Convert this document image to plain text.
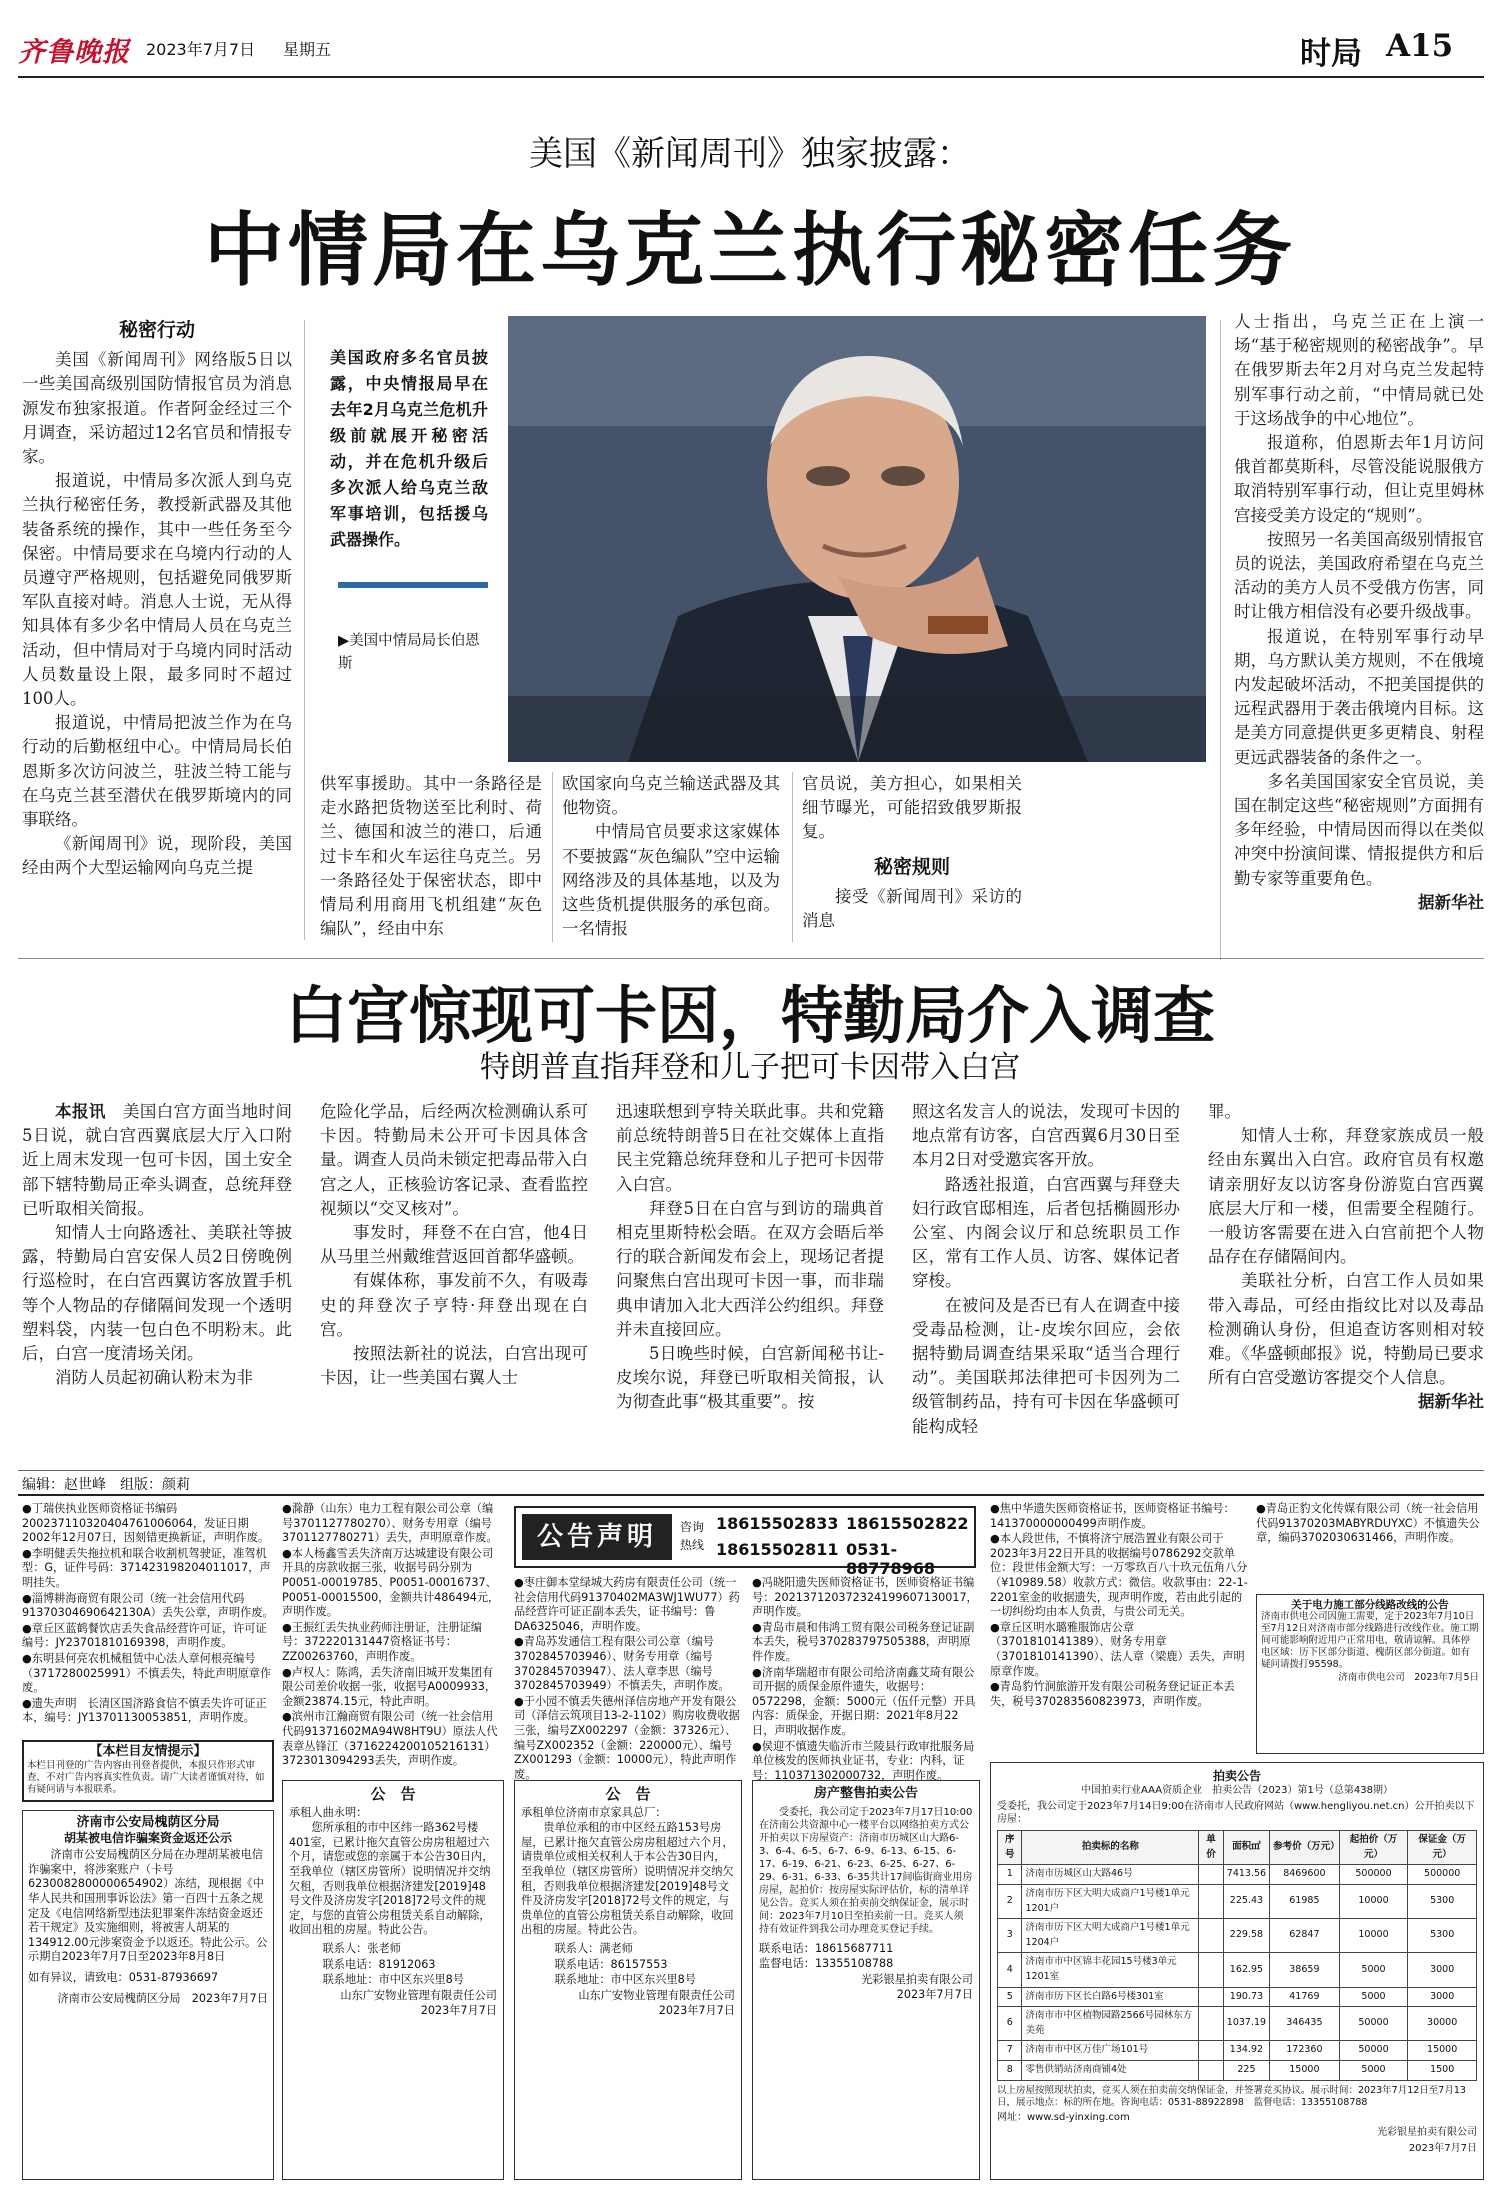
齐鲁晚报 2023年7月7日 星期五	时局 A15
美国《新闻周刊》独家披露：
中情局在乌克兰执行秘密任务
秘密行动

美国《新闻周刊》网络版5日以一些美国高级别国防情报官员为消息源发布独家报道。作者阿金经过三个月调查，采访超过12名官员和情报专家。

报道说，中情局多次派人到乌克兰执行秘密任务，教授新武器及其他装备系统的操作，其中一些任务至今保密。中情局要求在乌境内行动的人员遵守严格规则，包括避免同俄罗斯军队直接对峙。消息人士说，无从得知具体有多少名中情局人员在乌克兰活动，但中情局对于乌境内同时活动人员数量设上限，最多同时不超过100人。

报道说，中情局把波兰作为在乌行动的后勤枢纽中心。中情局局长伯恩斯多次访问波兰，驻波兰特工能与在乌克兰甚至潜伏在俄罗斯境内的同事联络。

《新闻周刊》说，现阶段，美国经由两个大型运输网向乌克兰提

美国政府多名官员披露，中央情报局早在去年2月乌克兰危机升级前就展开秘密活动，并在危机升级后多次派人给乌克兰敌军事培训，包括援乌武器操作。
▶美国中情局局长伯恩斯

人士指出，乌克兰正在上演一场“基于秘密规则的秘密战争”。早在俄罗斯去年2月对乌克兰发起特别军事行动之前，“中情局就已处于这场战争的中心地位”。

报道称，伯恩斯去年1月访问俄首都莫斯科，尽管没能说服俄方取消特别军事行动，但让克里姆林宫接受美方设定的“规则”。

按照另一名美国高级别情报官员的说法，美国政府希望在乌克兰活动的美方人员不受俄方伤害，同时让俄方相信没有必要升级战事。

报道说，在特别军事行动早期，乌方默认美方规则，不在俄境内发起破坏活动，不把美国提供的远程武器用于袭击俄境内目标。这是美方同意提供更多更精良、射程更远武器装备的条件之一。

多名美国国家安全官员说，美国在制定这些“秘密规则”方面拥有多年经验，中情局因而得以在类似冲突中扮演间谍、情报提供方和后勤专家等重要角色。

据新华社

供军事援助。其中一条路径是走水路把货物送至比利时、荷兰、德国和波兰的港口，后通过卡车和火车运往乌克兰。另一条路径处于保密状态，即中情局利用商用飞机组建“灰色编队”，经由中东

欧国家向乌克兰输送武器及其他物资。

中情局官员要求这家媒体不要披露“灰色编队”空中运输网络涉及的具体基地，以及为这些货机提供服务的承包商。一名情报

官员说，美方担心，如果相关细节曝光，可能招致俄罗斯报复。

秘密规则

接受《新闻周刊》采访的消息

白宫惊现可卡因，特勤局介入调查
特朗普直指拜登和儿子把可卡因带入白宫

本报讯　 美国白宫方面当地时间5日说，就白宫西翼底层大厅入口附近上周末发现一包可卡因，国土安全部下辖特勤局正牵头调查，总统拜登已听取相关简报。

知情人士向路透社、美联社等披露，特勤局白宫安保人员2日傍晚例行巡检时，在白宫西翼访客放置手机等个人物品的存储隔间发现一个透明塑料袋，内装一包白色不明粉末。此后，白宫一度清场关闭。

消防人员起初确认粉末为非

危险化学品，后经两次检测确认系可卡因。特勤局未公开可卡因具体含量。调查人员尚未锁定把毒品带入白宫之人，正核验访客记录、查看监控视频以“交叉核对”。

事发时，拜登不在白宫，他4日从马里兰州戴维营返回首都华盛顿。

有媒体称，事发前不久，有吸毒史的拜登次子亨特·拜登出现在白宫。

按照法新社的说法，白宫出现可卡因，让一些美国右翼人士

迅速联想到亨特关联此事。共和党籍前总统特朗普5日在社交媒体上直指民主党籍总统拜登和儿子把可卡因带入白宫。

拜登5日在白宫与到访的瑞典首相克里斯特松会晤。在双方会晤后举行的联合新闻发布会上，现场记者提问聚焦白宫出现可卡因一事，而非瑞典申请加入北大西洋公约组织。拜登并未直接回应。

5日晚些时候，白宫新闻秘书让-皮埃尔说，拜登已听取相关简报，认为彻查此事“极其重要”。按

照这名发言人的说法，发现可卡因的地点常有访客，白宫西翼6月30日至本月2日对受邀宾客开放。

路透社报道，白宫西翼与拜登夫妇行政官邸相连，后者包括椭圆形办公室、内阁会议厅和总统职员工作区，常有工作人员、访客、媒体记者穿梭。

在被问及是否已有人在调查中接受毒品检测，让-皮埃尔回应，会依据特勤局调查结果采取“适当合理行动”。美国联邦法律把可卡因列为二级管制药品，持有可卡因在华盛顿可能构成轻

罪。

知情人士称，拜登家族成员一般经由东翼出入白宫。政府官员有权邀请亲朋好友以访客身份游览白宫西翼底层大厅和一楼，但需要全程随行。一般访客需要在进入白宫前把个人物品存在存储隔间内。

美联社分析，白宫工作人员如果带入毒品，可经由指纹比对以及毒品检测确认身份，但追查访客则相对较难。《华盛顿邮报》说，特勤局已要求所有白宫受邀访客提交个人信息。

据新华社
编辑：赵世峰　组版：颜莉

●丁瑞侠执业医师资格证书编码200237110320404761006064，发证日期2002年12月07日，因刻错更换新证，声明作废。

●李明健丢失拖拉机和联合收割机驾驶证，准驾机型：G，证件号码：371423198204011017，声明挂失。

●淄博耕海商贸有限公司（统一社会信用代码91370304690642130A）丢失公章，声明作废。

●章丘区蓝鹤餐饮店丢失食品经营许可证，许可证编号：JY23701810169398，声明作废。

●东明县何亮农机械租赁中心法人章何根亮编号（3717280025991）不慎丢失，特此声明原章作废。

●遗失声明　长清区国济路食信不慎丢失许可证正本，编号：JY13701130053851，声明作废。

●滁静（山东）电力工程有限公司公章（编号3701127780270）、财务专用章（编号3701127780271）丢失，声明原章作废。

●本人杨鑫雪丢失济南万达城建设有限公司开具的房款收据三张，收据号码分别为P0051-00019785、P0051-00016737、P0051-00015500，金额共计486494元，声明作废。

●王振红丢失执业药师注册证，注册证编号：372220131447资格证书号：ZZ00263760，声明作废。

●卢权人：陈鸿，丢失济南旧城开发集团有限公司差价收据一张，收据号A0009933，金额23874.15元，特此声明。

●滨州市江瀚商贸有限公司（统一社会信用代码91371602MA94W8HT9U）原法人代表章丛锋江（3716224200105216131）3723013094293丢失，声明作废。

公告声明	咨询热线
18615502833 18615502822
18615502811 0531-88778968

●枣庄御本堂绿城大药房有限责任公司（统一社会信用代码91370402MA3WJ1WU77）药品经营许可证正副本丢失，证书编号：鲁DA6325046，声明作废。

●青岛苏发通信工程有限公司公章（编号3702845703946）、财务专用章（编号3702845703947）、法人章李思（编号3702845703949）不慎丢失，声明作废。

●于小园不慎丢失德州泽信房地产开发有限公司（泽信云筑项目13-2-1102）购房收费收据三张，编号ZX002297（金额：37326元）、编号ZX002352（金额：220000元）、编号ZX001293（金额：10000元），特此声明作废。

●冯晓阳遗失医师资格证书，医师资格证书编号：202137120372324199607130017，声明作废。

●青岛市晨和伟鸿工贸有限公司税务登记证副本丢失，税号370283797505388，声明原件作废。

●济南华瑞超市有限公司给济南鑫艾琦有限公司开据的质保金原件遗失，收据号：0572298，金额：5000元（伍仟元整）开具内容：质保金，开据日期：2021年8月22日，声明收据作废。

●侯迎不慎遗失临沂市兰陵县行政审批服务局单位核发的医师执业证书，专业：内科，证号：110371302000732，声明作废。

●焦中华遗失医师资格证书，医师资格证书编号：141370000000499声明作废。

●本人段世伟，不慎将济宁展浩置业有限公司于2023年3月22日开具的收据编号0786292交款单位：段世伟金额大写：一万零玖百八十玖元伍角八分（¥10989.58）收款方式：微信。收款事由：22-1-2201室金的收据遗失，现声明作废，若由此引起的一切纠纷均由本人负责，与贵公司无关。

●章丘区明水璐雅服饰店公章（3701810141389）、财务专用章（3701810141390）、法人章（梁鹿）丢失，声明原章作废。

●青岛豹竹涧旅游开发有限公司税务登记证正本丢失，税号370283560823973，声明作废。

●青岛正豹文化传媒有限公司（统一社会信用代码91370203MABYRDUYXC）不慎遗失公章，编码3702030631466，声明作废。

关于电力施工部分线路改线的公告

济南市供电公司因施工需要，定于2023年7月10日至7月12日对济南市部分线路进行改线作业。施工期间可能影响附近用户正常用电，敬请谅解。具体停电区域：历下区部分街道、槐荫区部分街道。如有疑问请拨打95598。

济南市供电公司　2023年7月5日

【本栏目友情提示】

本栏目刊登的广告内容由刊登者提供，本报只作形式审查，不对广告内容真实性负责。请广大读者谨慎对待，如有疑问请与本报联系。

济南市公安局槐荫区分局
胡某被电信诈骗案资金返还公示

济南市公安局槐荫区分局在办理胡某被电信诈骗案中，将涉案账户（卡号6230082800000654902）冻结，现根据《中华人民共和国刑事诉讼法》第一百四十五条之规定及《电信网络新型违法犯罪案件冻结资金返还若干规定》及实施细则，将被害人胡某的134912.00元涉案资金予以返还。特此公示。公示期自2023年7月7日至2023年8月8日

如有异议，请致电：0531-87936697

济南市公安局槐荫区分局　2023年7月7日

公　告

承租人曲永明：

您所承租的市中区纬一路362号楼401室，已累计拖欠直管公房房租超过六个月，请您或您的亲属于本公告30日内，至我单位（辖区房管所）说明情况并交纳欠租，否则我单位根据济建发[2019]48号文件及济房发字[2018]72号文件的规定，与您的直管公房租赁关系自动解除，收回出租的房屋。特此公告。

联系人：张老师

联系电话：81912063

联系地址：市中区东兴里8号

山东广安物业管理有限责任公司

2023年7月7日

公　告

承租单位济南市京家具总厂：

贵单位承租的市中区经五路153号房屋，已累计拖欠直管公房房租超过六个月，请贵单位或相关权利人于本公告30日内，至我单位（辖区房管所）说明情况并交纳欠租，否则我单位根据济建发[2019]48号文件及济房发字[2018]72号文件的规定，与贵单位的直管公房租赁关系自动解除，收回出租的房屋。特此公告。

联系人：满老师

联系电话：86157553

联系地址：市中区东兴里8号

山东广安物业管理有限责任公司

2023年7月7日

房产整售拍卖公告

受委托，我公司定于2023年7月17日10:00在济南公共资源中心一楼平台以网络拍卖方式公开拍卖以下房屋资产：济南市历城区山大路6-3、6-4、6-5、6-7、6-9、6-13、6-15、6-17、6-19、6-21、6-23、6-25、6-27、6-29、6-31、6-33、6-35共计17间临街商业用房房屋，起拍价：按房屋实际评估价，标的清单详见公告。竞买人须在拍卖前交纳保证金，展示时间：2023年7月10日至拍卖前一日。竞买人须持有效证件到我公司办理竞买登记手续。

联系电话：18615687711

监督电话：13355108788

光彩银星拍卖有限公司

2023年7月7日

拍卖公告
中国拍卖行业AAA资质企业　拍卖公告（2023）第1号（总第438期）

受委托，我公司定于2023年7月14日9:00在济南市人民政府网站（www.hengliyou.net.cn）公开拍卖以下房屋：

序号	拍卖标的名称	单价	面积㎡	参考价（万元）	起拍价（万元）	保证金（万元）
1	济南市历城区山大路46号		7413.56	8469600	500000	500000
2	济南市历下区大明大成商户1号楼1单元1201户		225.43	61985	10000	5300
3	济南市历下区大明大成商户1号楼1单元1204户		229.58	62847	10000	5300
4	济南市市中区锦丰花园15号楼3单元1201室		162.95	38659	5000	3000
5	济南市历下区长白路6号楼301室		190.73	41769	5000	3000
6	济南市市中区植物园路2566号园林东方美苑		1037.19	346435	50000	30000
7	济南市市中区万佳广场101号		134.92	172360	50000	15000
8	零售供销站济南商铺4处		225	15000	5000	1500

以上房屋按照现状拍卖，竞买人须在拍卖前交纳保证金，并签署竞买协议。展示时间：2023年7月12日至7月13日，展示地点：标的所在地。咨询电话：0531-88922898　监督电话：13355108788

网址：www.sd-yinxing.com

光彩银星拍卖有限公司

2023年7月7日
